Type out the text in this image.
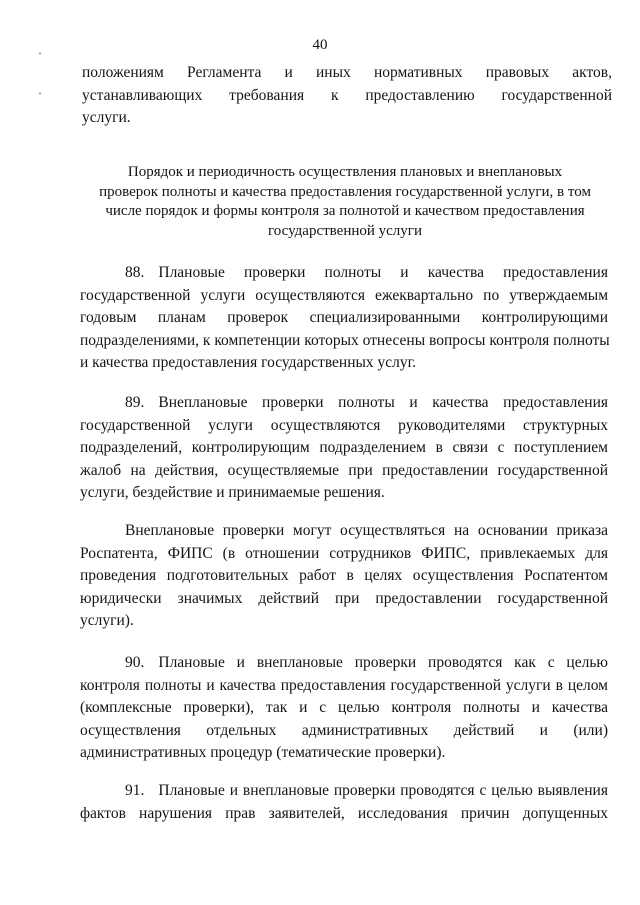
40
·
·
положениям Регламента и иных нормативных правовых актов,
устанавливающих требования к предоставлению государственной
услуги.
Порядок и периодичность осуществления плановых и внеплановых
проверок полноты и качества предоставления государственной услуги, в том
числе порядок и формы контроля за полнотой и качеством предоставления
государственной услуги
88. Плановые проверки полноты и качества предоставления
государственной услуги осуществляются ежеквартально по утверждаемым
годовым планам проверок специализированными контролирующими
подразделениями, к компетенции которых отнесены вопросы контроля полноты
и качества предоставления государственных услуг.
89. Внеплановые проверки полноты и качества предоставления
государственной услуги осуществляются руководителями структурных
подразделений, контролирующим подразделением в связи с поступлением
жалоб на действия, осуществляемые при предоставлении государственной
услуги, бездействие и принимаемые решения.
Внеплановые проверки могут осуществляться на основании приказа
Роспатента, ФИПС (в отношении сотрудников ФИПС, привлекаемых для
проведения подготовительных работ в целях осуществления Роспатентом
юридически значимых действий при предоставлении государственной
услуги).
90. Плановые и внеплановые проверки проводятся как с целью
контроля полноты и качества предоставления государственной услуги в целом
(комплексные проверки), так и с целью контроля полноты и качества
осуществления отдельных административных действий и (или)
административных процедур (тематические проверки).
91. Плановые и внеплановые проверки проводятся с целью выявления
фактов нарушения прав заявителей, исследования причин допущенных
